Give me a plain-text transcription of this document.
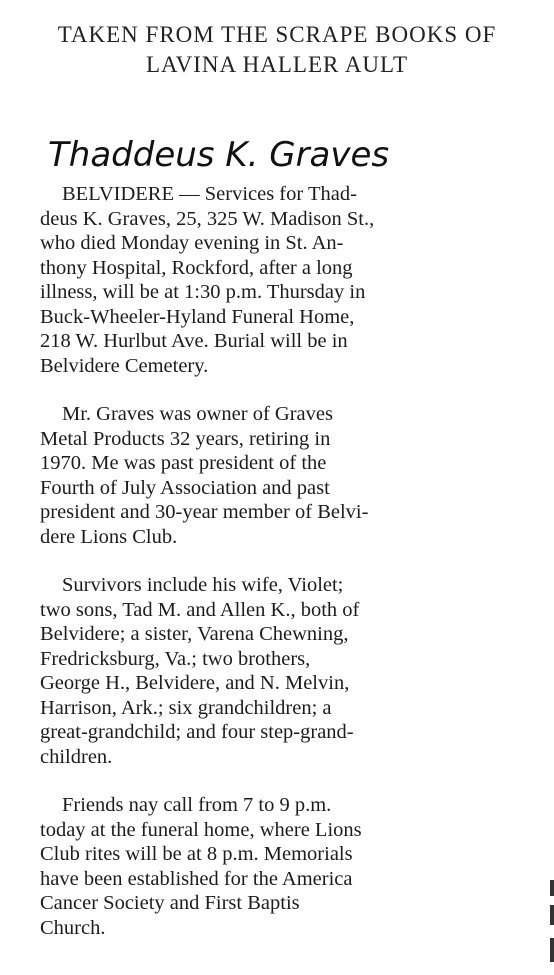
TAKEN FROM THE SCRAPE BOOKS OF
LAVINA HALLER AULT
Thaddeus K. Graves
BELVIDERE — Services for Thad-
deus K. Graves, 25, 325 W. Madison St.,
who died Monday evening in St. An-
thony Hospital, Rockford, after a long
illness, will be at 1:30 p.m. Thursday in
Buck-Wheeler-Hyland Funeral Home,
218 W. Hurlbut Ave. Burial will be in
Belvidere Cemetery.
Mr. Graves was owner of Graves
Metal Products 32 years, retiring in
1970. Me was past president of the
Fourth of July Association and past
president and 30-year member of Belvi-
dere Lions Club.
Survivors include his wife, Violet;
two sons, Tad M. and Allen K., both of
Belvidere; a sister, Varena Chewning,
Fredricksburg, Va.; two brothers,
George H., Belvidere, and N. Melvin,
Harrison, Ark.; six grandchildren; a
great-grandchild; and four step-grand-
children.
Friends nay call from 7 to 9 p.m.
today at the funeral home, where Lions
Club rites will be at 8 p.m. Memorials
have been established for the America
Cancer Society and First Baptis
Church.
